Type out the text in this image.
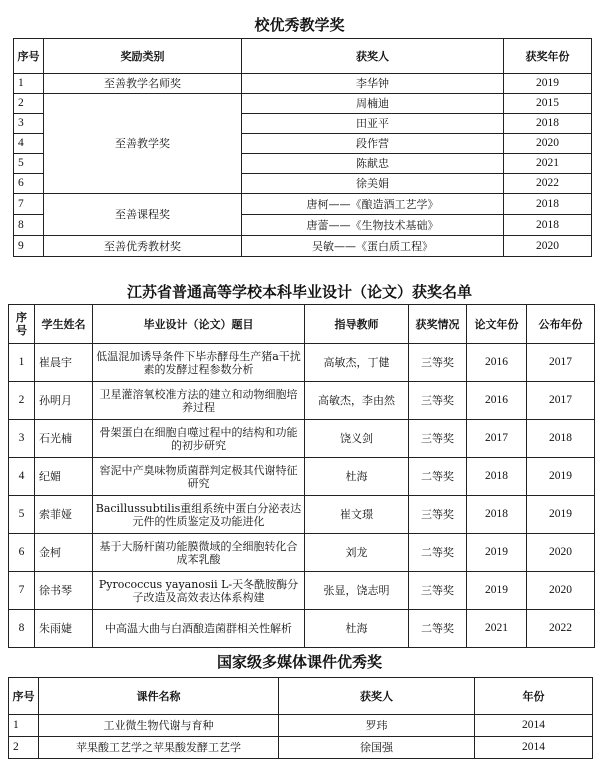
校优秀教学奖
序号	奖励类别	获奖人	获奖年份
1	至善教学名师奖	李华钟	2019
2	至善教学奖	周楠迪	2015
3		田亚平	2018
4		段作营	2020
5		陈献忠	2021
6		徐美娟	2022
7	至善课程奖	唐柯——《酿造酒工艺学》	2018
8		唐蕾——《生物技术基础》	2018
9	至善优秀教材奖	吴敏——《蛋白质工程》	2020
江苏省普通高等学校本科毕业设计（论文）获奖名单
序号	学生姓名	毕业设计（论文）题目	指导教师	获奖情况	论文年份	公布年份
1	崔晨宇	低温混加诱导条件下毕赤酵母生产猪a干扰素的发酵过程参数分析	高敏杰，丁健	三等奖	2016	2017
2	孙明月	卫星灌溶氧校准方法的建立和动物细胞培养过程	高敏杰，李由然	三等奖	2016	2017
3	石光楠	骨架蛋白在细胞自噬过程中的结构和功能的初步研究	饶义剑	三等奖	2017	2018
4	纪媚	窖泥中产臭味物质菌群判定极其代谢特征研究	杜海	二等奖	2018	2019
5	索菲娅	Bacillussubtilis重组系统中蛋白分泌表达元件的性质鉴定及功能进化	崔文璟	三等奖	2018	2019
6	金柯	基于大肠杆菌功能膜微域的全细胞转化合成苯乳酸	刘龙	二等奖	2019	2020
7	徐书琴	Pyrococcus yayanosii L-天冬酰胺酶分子改造及高效表达体系构建	张显，饶志明	三等奖	2019	2020
8	朱雨婕	中高温大曲与白酒酿造菌群相关性解析	杜海	二等奖	2021	2022
国家级多媒体课件优秀奖
序号	课件名称	获奖人	年份
1	工业微生物代谢与育种	罗玮	2014
2	苹果酸工艺学之苹果酸发酵工艺学	徐国强	2014
